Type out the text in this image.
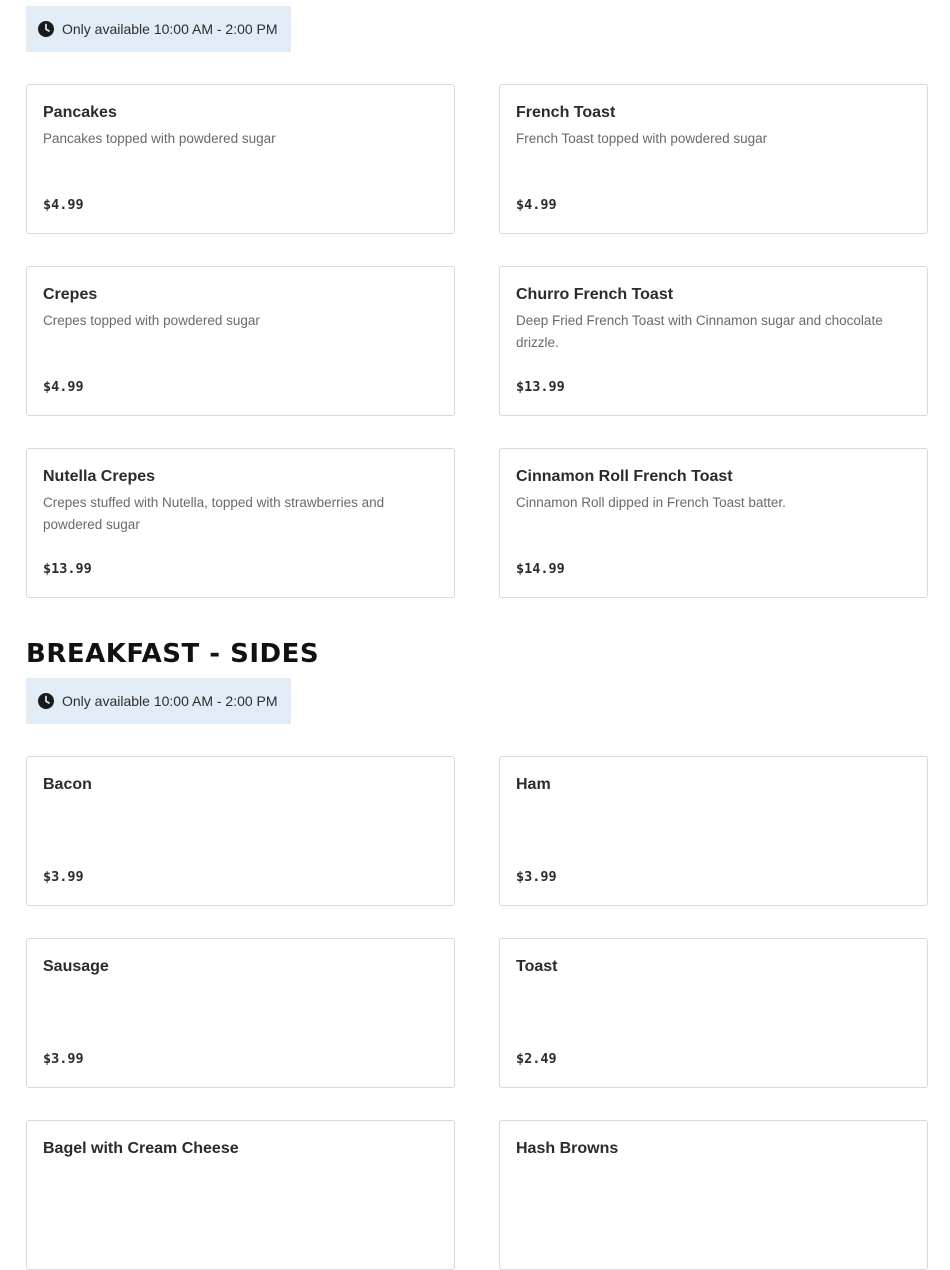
Only available 10:00 AM - 2:00 PM
Pancakes
Pancakes topped with powdered sugar
$4.99
French Toast
French Toast topped with powdered sugar
$4.99
Crepes
Crepes topped with powdered sugar
$4.99
Churro French Toast
Deep Fried French Toast with Cinnamon sugar and chocolate drizzle.
$13.99
Nutella Crepes
Crepes stuffed with Nutella, topped with strawberries and powdered sugar
$13.99
Cinnamon Roll French Toast
Cinnamon Roll dipped in French Toast batter.
$14.99
BREAKFAST - SIDES
Only available 10:00 AM - 2:00 PM
Bacon
$3.99
Ham
$3.99
Sausage
$3.99
Toast
$2.49
Bagel with Cream Cheese	Hash Browns
